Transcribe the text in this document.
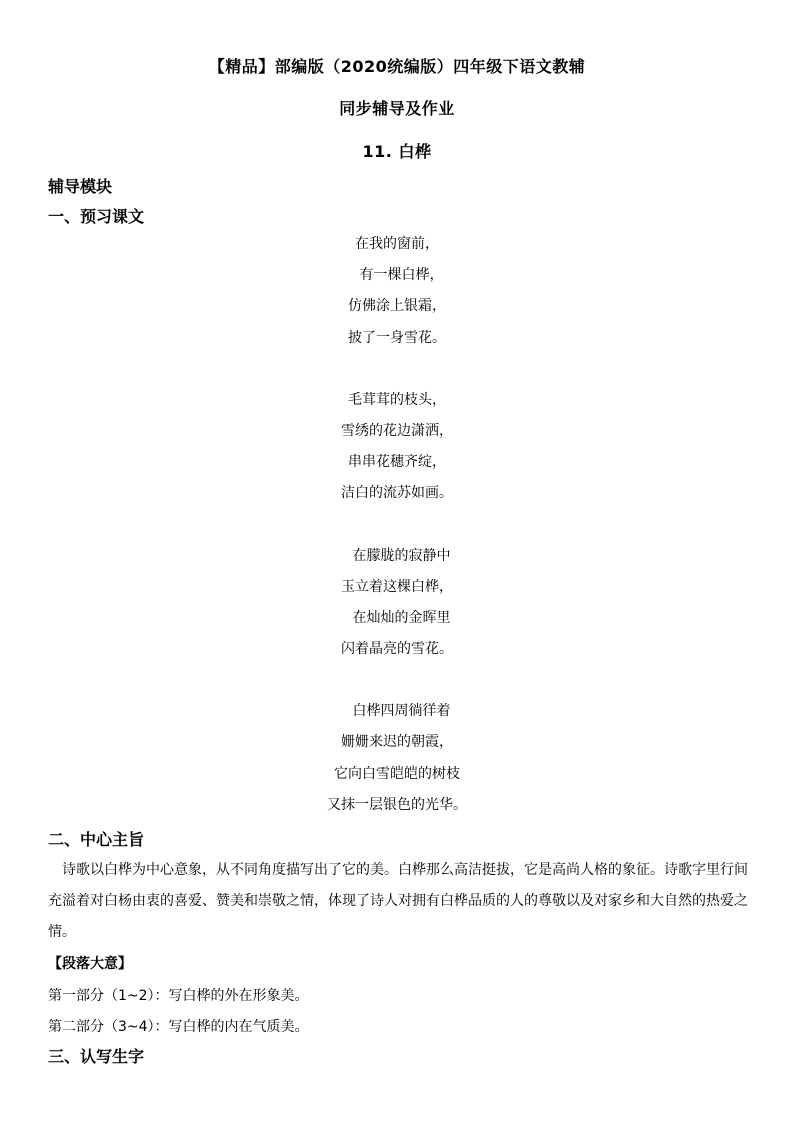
【精品】部编版（2020统编版）四年级下语文教辅
同步辅导及作业
11. 白桦
辅导模块
一、预习课文
在我的窗前，
有一棵白桦，
仿佛涂上银霜，
披了一身雪花。
毛茸茸的枝头，
雪绣的花边潇洒，
串串花穗齐绽，
洁白的流苏如画。
在朦胧的寂静中
玉立着这棵白桦，
在灿灿的金晖里
闪着晶亮的雪花。
白桦四周徜徉着
姗姗来迟的朝霞，
它向白雪皑皑的树枝
又抹一层银色的光华。
二、中心主旨
诗歌以白桦为中心意象，从不同角度描写出了它的美。白桦那么高洁挺拔，它是高尚人格的象征。诗歌字里行间充溢着对白杨由衷的喜爱、赞美和崇敬之情，体现了诗人对拥有白桦品质的人的尊敬以及对家乡和大自然的热爱之情。
【段落大意】
第一部分（1~2）：写白桦的外在形象美。
第二部分（3~4）：写白桦的内在气质美。
三、认写生字
